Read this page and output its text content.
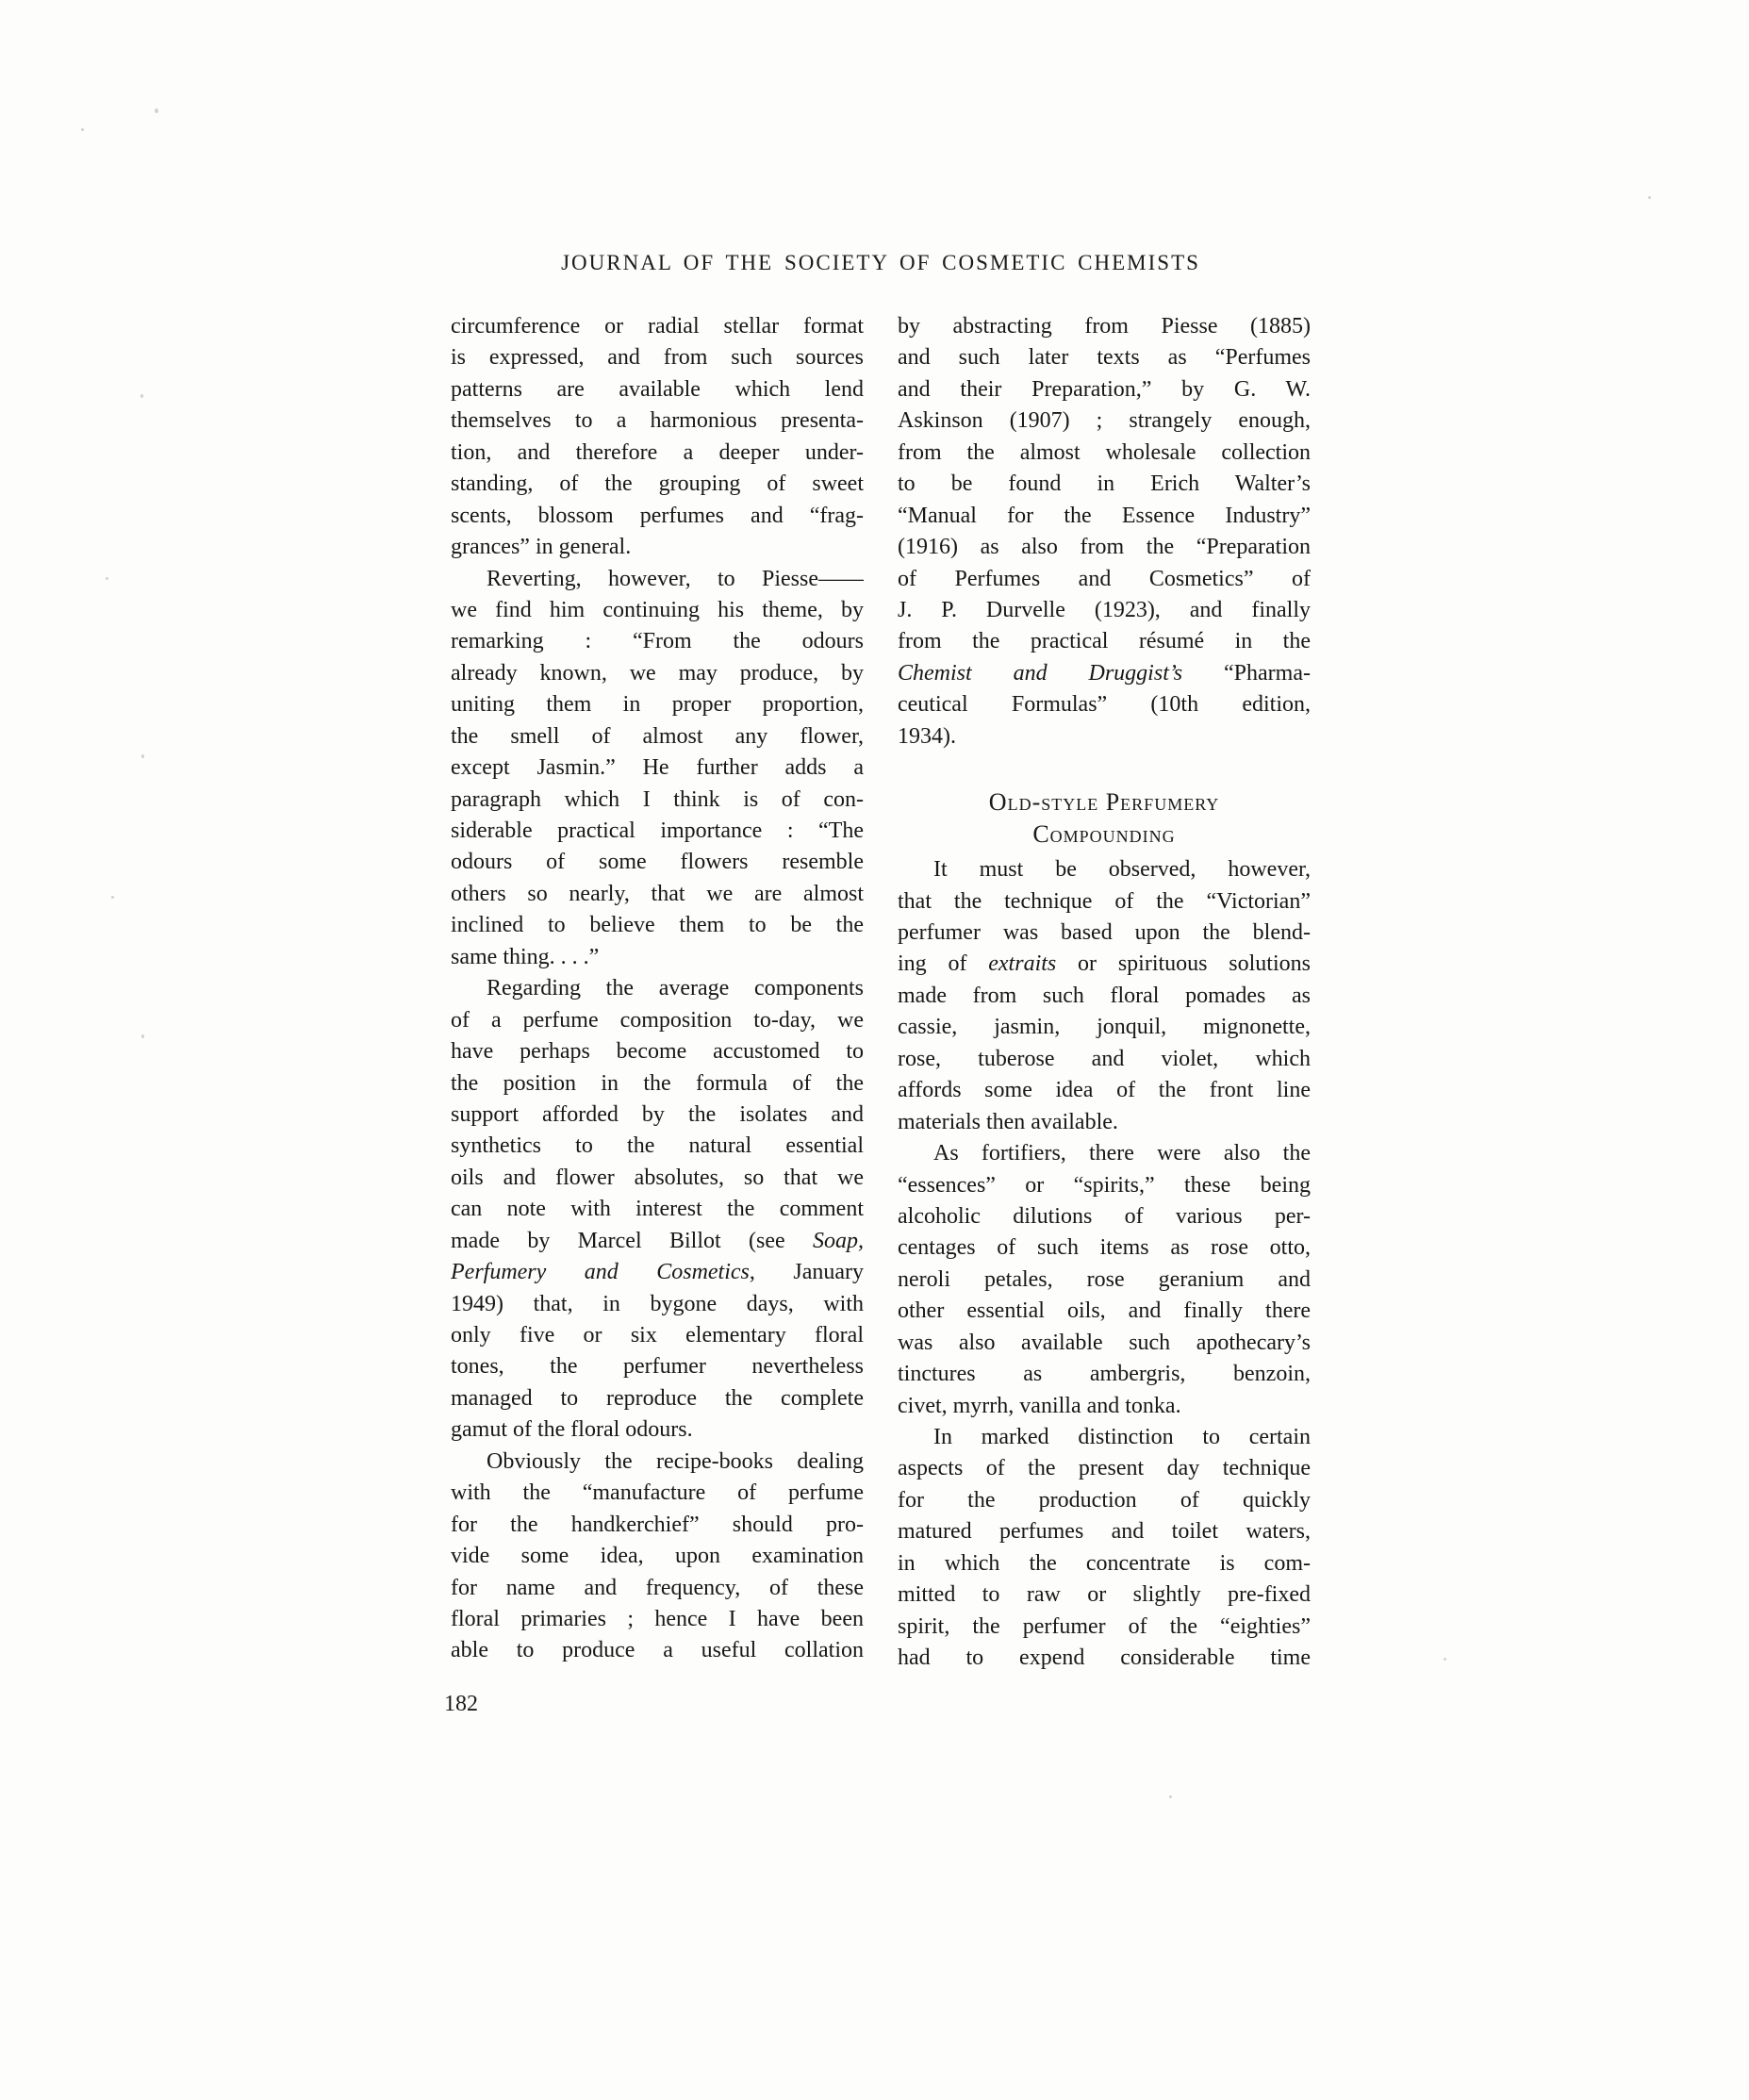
JOURNAL OF THE SOCIETY OF COSMETIC CHEMISTS
circumference or radial stellar format
is expressed, and from such sources
patterns are available which lend
themselves to a harmonious presenta-
tion, and therefore a deeper under-
standing, of the grouping of sweet
scents, blossom perfumes and “frag-
grances” in general.
Reverting, however, to Piesse——
we find him continuing his theme, by
remarking : “From the odours
already known, we may produce, by
uniting them in proper proportion,
the smell of almost any flower,
except Jasmin.” He further adds a
paragraph which I think is of con-
siderable practical importance : “The
odours of some flowers resemble
others so nearly, that we are almost
inclined to believe them to be the
same thing. . . .”
Regarding the average components
of a perfume composition to-day, we
have perhaps become accustomed to
the position in the formula of the
support afforded by the isolates and
synthetics to the natural essential
oils and flower absolutes, so that we
can note with interest the comment
made by Marcel Billot (see Soap,
Perfumery and Cosmetics, January
1949) that, in bygone days, with
only five or six elementary floral
tones, the perfumer nevertheless
managed to reproduce the complete
gamut of the floral odours.
Obviously the recipe-books dealing
with the “manufacture of perfume
for the handkerchief” should pro-
vide some idea, upon examination
for name and frequency, of these
floral primaries ; hence I have been
able to produce a useful collation
by abstracting from Piesse (1885)
and such later texts as “Perfumes
and their Preparation,” by G. W.
Askinson (1907) ; strangely enough,
from the almost wholesale collection
to be found in Erich Walter’s
“Manual for the Essence Industry”
(1916) as also from the “Preparation
of Perfumes and Cosmetics” of
J. P. Durvelle (1923), and finally
from the practical résumé in the
Chemist and Druggist’s “Pharma-
ceutical Formulas” (10th edition,
1934).
Old-style Perfumery
Compounding
It must be observed, however,
that the technique of the “Victorian”
perfumer was based upon the blend-
ing of extraits or spirituous solutions
made from such floral pomades as
cassie, jasmin, jonquil, mignonette,
rose, tuberose and violet, which
affords some idea of the front line
materials then available.
As fortifiers, there were also the
“essences” or “spirits,” these being
alcoholic dilutions of various per-
centages of such items as rose otto,
neroli petales, rose geranium and
other essential oils, and finally there
was also available such apothecary’s
tinctures as ambergris, benzoin,
civet, myrrh, vanilla and tonka.
In marked distinction to certain
aspects of the present day technique
for the production of quickly
matured perfumes and toilet waters,
in which the concentrate is com-
mitted to raw or slightly pre-fixed
spirit, the perfumer of the “eighties”
had to expend considerable time
182
